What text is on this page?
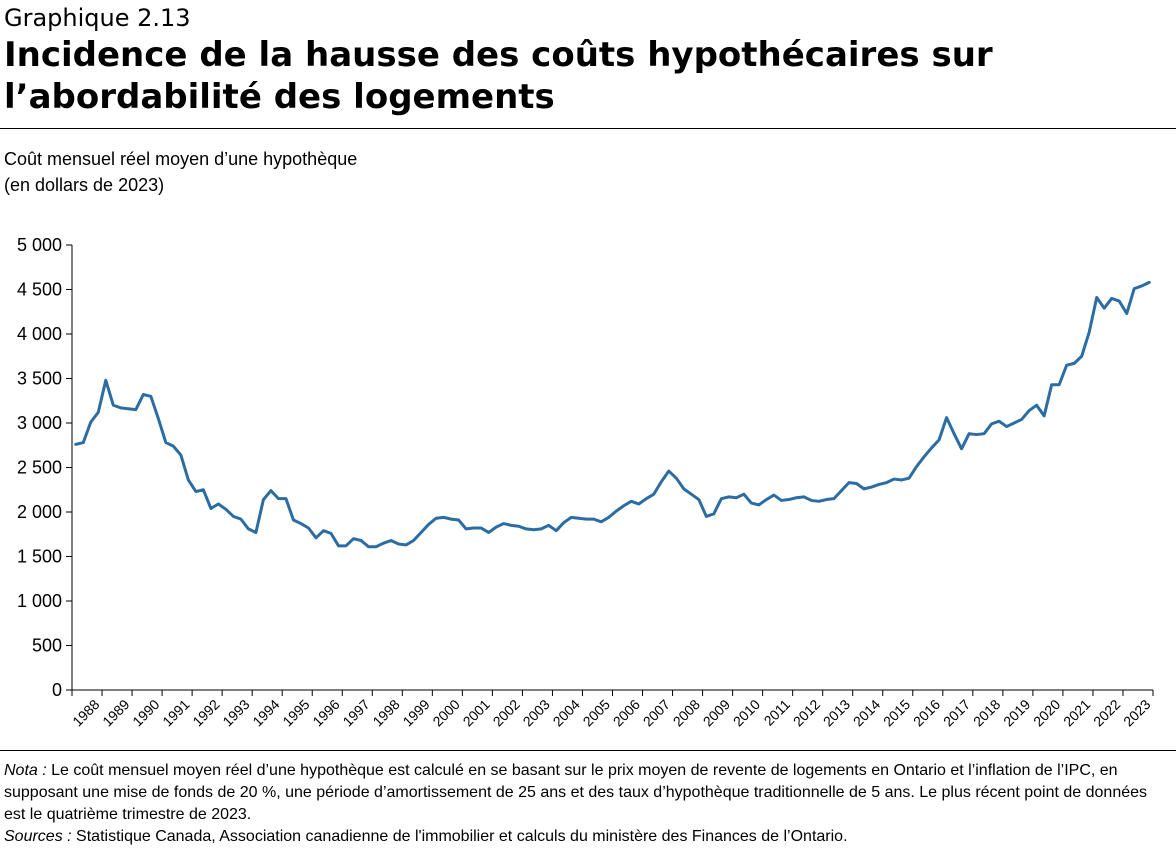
Graphique 2.13
Incidence de la hausse des coûts hypothécaires sur l’abordabilité des logements
Coût mensuel réel moyen d’une hypothèque
(en dollars de 2023)
0
500
1 000
1 500
2 000
2 500
3 000
3 500
4 000
4 500
5 000
1988
1989
1990
1991
1992
1993
1994
1995
1996
1997
1998
1999
2000
2001
2002
2003
2004
2005
2006
2007
2008
2009
2010
2011
2012
2013
2014
2015
2016
2017
2018
2019
2020
2021
2022
2023
Nota : Le coût mensuel moyen réel d’une hypothèque est calculé en se basant sur le prix moyen de revente de logements en Ontario et l’inflation de l’IPC, en supposant une mise de fonds de 20 %, une période d’amortissement de 25 ans et des taux d’hypothèque traditionnelle de 5 ans. Le plus récent point de données est le quatrième trimestre de 2023.
Sources : Statistique Canada, Association canadienne de l'immobilier et calculs du ministère des Finances de l’Ontario.
